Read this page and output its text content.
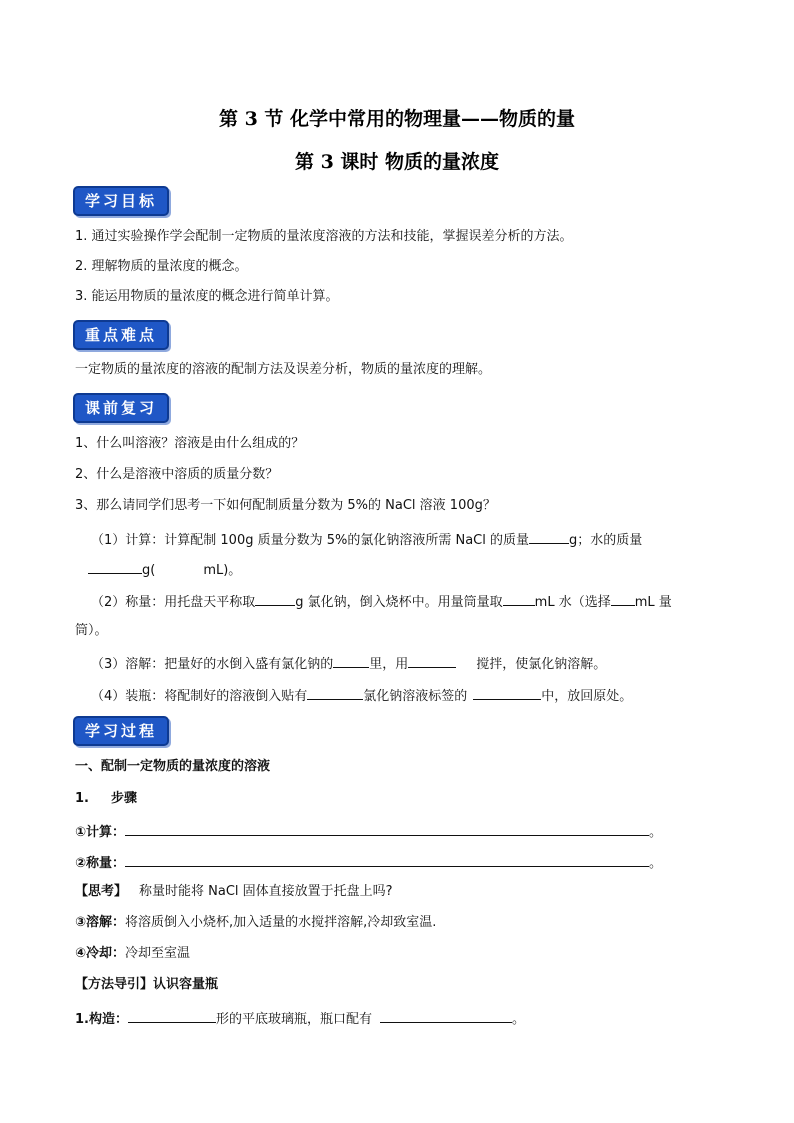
第 3 节 化学中常用的物理量——物质的量
第 3 课时 物质的量浓度
学习目标
1. 通过实验操作学会配制一定物质的量浓度溶液的方法和技能，掌握误差分析的方法。
2. 理解物质的量浓度的概念。
3. 能运用物质的量浓度的概念进行简单计算。
重点难点
一定物质的量浓度的溶液的配制方法及误差分析，物质的量浓度的理解。
课前复习
1、什么叫溶液？溶液是由什么组成的？
2、什么是溶液中溶质的质量分数？
3、那么请同学们思考一下如何配制质量分数为 5%的 NaCl 溶液 100g？
（1）计算：计算配制 100g 质量分数为 5%的氯化钠溶液所需 NaCl 的质量	g；水的质量
g(	mL)。
（2）称量：用托盘天平称取	g 氯化钠，倒入烧杯中。用量筒量取 mL 水（选择 mL 量
筒）。
（3）溶解：把量好的水倒入盛有氯化钠的	里，用	搅拌，使氯化钠溶解。
（4）装瓶：将配制好的溶液倒入贴有	氯化钠溶液标签的	中，放回原处。
学习过程
一、配制一定物质的量浓度的溶液
1. 步骤
①计算：	。
②称量：	。
【思考】 称量时能将 NaCl 固体直接放置于托盘上吗?
③溶解：将溶质倒入小烧杯,加入适量的水搅拌溶解,冷却致室温.
④冷却：冷却至室温
【方法导引】认识容量瓶
1.构造：	形的平底玻璃瓶，瓶口配有	。
